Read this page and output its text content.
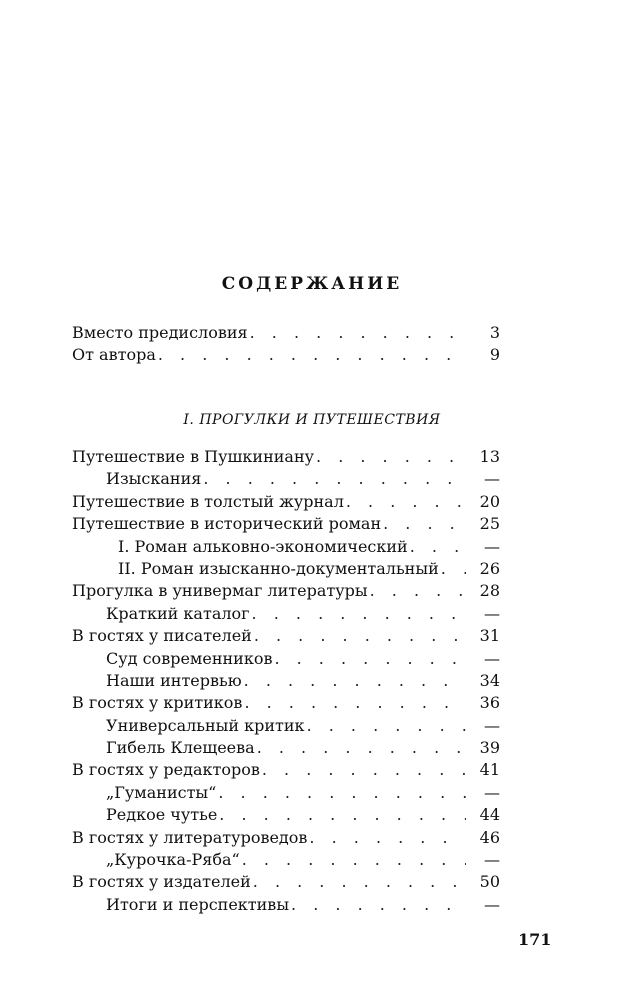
СОДЕРЖАНИЕ
Вместо предисловия . . .	3
От автора . . .	9
I. ПРОГУЛКИ И ПУТЕШЕСТВИЯ
Путешествие в Пушкиниану . . .	13
Изыскания . . .	—
Путешествие в толстый журнал . . .	20
Путешествие в исторический роман . . .	25
I. Роман альковно-экономический . . .	—
II. Роман изысканно-документальный . . .	26
Прогулка в универмаг литературы . . .	28
Краткий каталог . . .	—
В гостях у писателей . . .	31
Суд современников . . .	—
Наши интервью . . .	34
В гостях у критиков . . .	36
Универсальный критик . . .	—
Гибель Клещеева . . .	39
В гостях у редакторов . . .	41
„Гуманисты“ . . .	—
Редкое чутье . . .	44
В гостях у литературоведов . . .	46
„Курочка-Ряба“ . . .	—
В гостях у издателей . . .	50
Итоги и перспективы . . .	—
171
